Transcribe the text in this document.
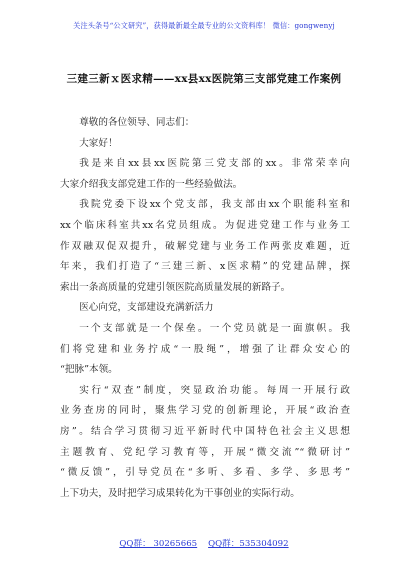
关注头条号“公文研究”，获得最新最全最专业的公文资料库！ 微信：gongwenyj
三建三新ｘ医求精——xx县xx医院第三支部党建工作案例

尊敬的各位领导、同志们：

大家好！

我是来自xx县xx医院第三党支部的xx。非常荣幸向
大家介绍我支部党建工作的一些经验做法。

我院党委下设xx个党支部，我支部由xx个职能科室和
xx个临床科室共xx名党员组成。为促进党建工作与业务工
作双融双促双提升，破解党建与业务工作两张皮难题，近
年来，我们打造了“三建三新、x医求精”的党建品牌，探
索出一条高质量的党建引领医院高质量发展的新路子。

医心向党，支部建设充满新活力

一个支部就是一个保垒。一个党员就是一面旗帜。我
们将党建和业务拧成“一股绳”，增强了让群众安心的
“把脉”本领。

实行“双查”制度，突显政治功能。每周一开展行政
业务查房的同时，聚焦学习党的创新理论，开展“政治查
房”。结合学习贯彻习近平新时代中国特色社会主义思想
主题教育、党纪学习教育等，开展“微交流”“微研讨”
“微反馈”，引导党员在“多听、多看、多学、多思考”
上下功夫，及时把学习成果转化为干事创业的实际行动。

QQ群： 30265665 QQ群：535304092
